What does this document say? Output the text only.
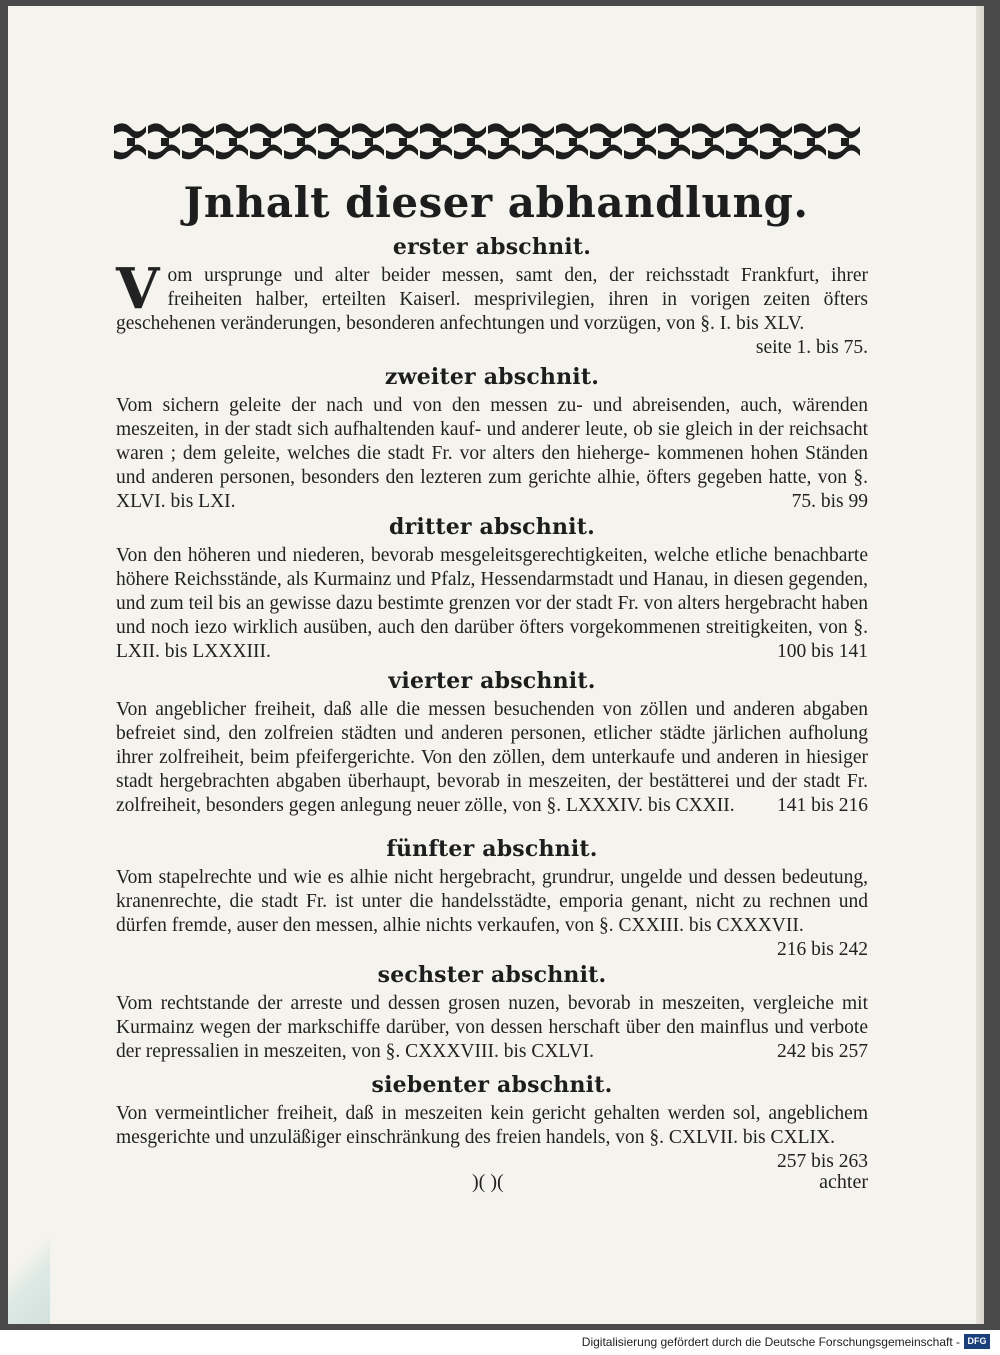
Jnhalt dieser abhandlung.

erster abschnit.

Vom ursprunge und alter beider messen, samt den, der reichsstadt Frankfurt, ihrer freiheiten halber, erteilten Kaiserl. mesprivilegien, ihren in vorigen zeiten öfters geschehenen veränderungen, besonderen anfechtungen und vorzügen, von §. I. bis XLV.
seite 1. bis 75.

zweiter abschnit.

Vom sichern geleite der nach und von den messen zu- und abreisenden, auch, wärenden meszeiten, in der stadt sich aufhaltenden kauf- und anderer leute, ob sie gleich in der reichsacht waren ; dem geleite, welches die stadt Fr. vor alters den hieherge- kommenen hohen Ständen und anderen personen, besonders den lezteren zum gerichte alhie, öfters gegeben hatte, von §. XLVI. bis LXI.	75. bis 99

dritter abschnit.

Von den höheren und niederen, bevorab mesgeleitsgerechtigkeiten, welche etliche benachbarte höhere Reichsstände, als Kurmainz und Pfalz, Hessendarmstadt und Hanau, in diesen gegenden, und zum teil bis an gewisse dazu bestimte grenzen vor der stadt Fr. von alters hergebracht haben und noch iezo wirklich ausüben, auch den darüber öfters vorgekommenen streitigkeiten, von §. LXII. bis LXXXIII.	100 bis 141

vierter abschnit.

Von angeblicher freiheit, daß alle die messen besuchenden von zöllen und anderen abgaben befreiet sind, den zolfreien städten und anderen personen, etlicher städte järlichen aufholung ihrer zolfreiheit, beim pfeifergerichte. Von den zöllen, dem unterkaufe und anderen in hiesiger stadt hergebrachten abgaben überhaupt, bevorab in meszeiten, der bestätterei und der stadt Fr. zolfreiheit, besonders gegen anlegung neuer zölle, von §. LXXXIV. bis CXXII. 141 bis 216

fünfter abschnit.

Vom stapelrechte und wie es alhie nicht hergebracht, grundrur, ungelde und dessen bedeutung, kranenrechte, die stadt Fr. ist unter die handelsstädte, emporia genant, nicht zu rechnen und dürfen fremde, auser den messen, alhie nichts verkaufen, von §. CXXIII. bis CXXXVII.
216 bis 242

sechster abschnit.

Vom rechtstande der arreste und dessen grosen nuzen, bevorab in meszeiten, vergleiche mit Kurmainz wegen der markschiffe darüber, von dessen herschaft über den mainflus und verbote der repressalien in meszeiten, von §. CXXXVIII. bis CXLVI.	242 bis 257

siebenter abschnit.

Von vermeintlicher freiheit, daß in meszeiten kein gericht gehalten werden sol, angeblichem mesgerichte und unzuläßiger einschränkung des freien handels, von §. CXLVII. bis CXLIX.
257 bis 263

)( )(	achter
Digitalisierung gefördert durch die Deutsche Forschungsgemeinschaft - DFG
